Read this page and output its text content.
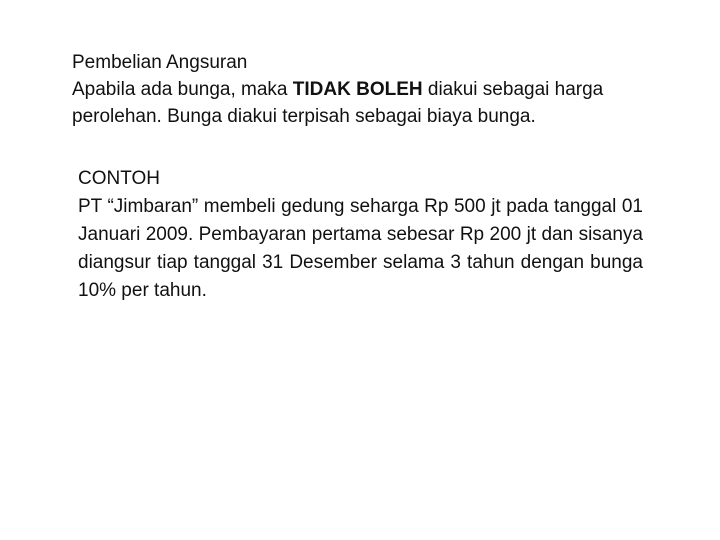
Pembelian Angsuran

Apabila ada bunga, maka TIDAK BOLEH diakui sebagai harga

perolehan. Bunga diakui terpisah sebagai biaya bunga.

CONTOH

PT “Jimbaran” membeli gedung seharga Rp 500 jt pada tanggal 01 Januari 2009. Pembayaran pertama sebesar Rp 200 jt dan sisanya diangsur tiap tanggal 31 Desember selama 3 tahun dengan bunga 10% per tahun.
